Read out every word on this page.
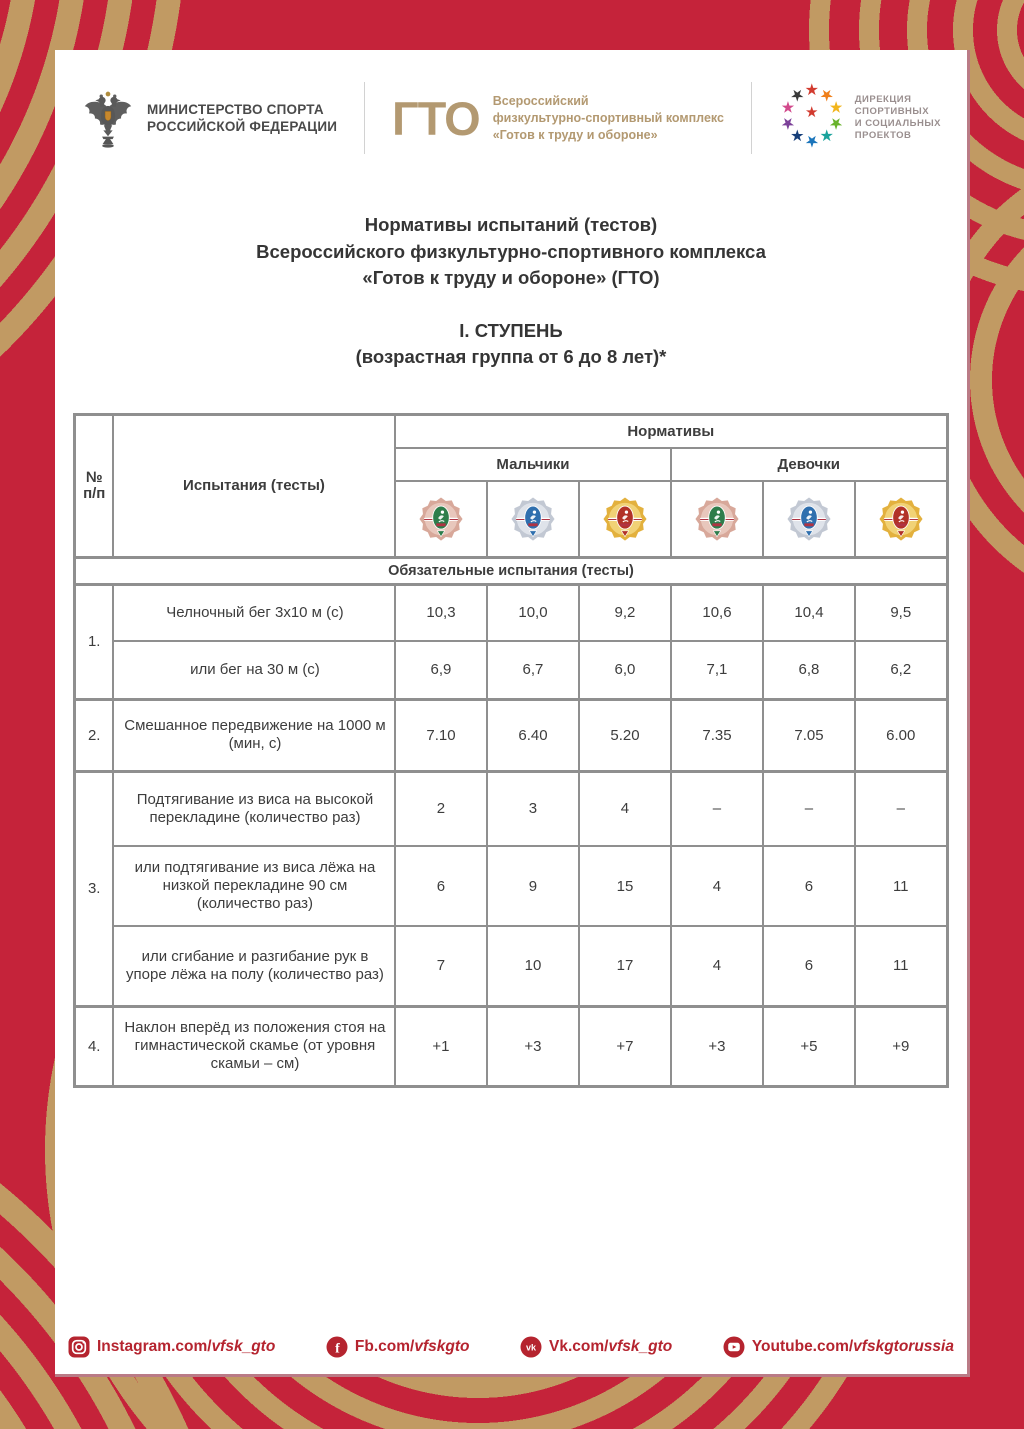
МИНИСТЕРСТВО СПОРТА
РОССИЙСКОЙ ФЕДЕРАЦИИ ГТО Всероссийский
физкультурно-спортивный комплекс
«Готов к труду и обороне»
★
★
★
★
★
★
★
★
★
★
★
ДИРЕКЦИЯ
СПОРТИВНЫХ
И СОЦИАЛЬНЫХ
ПРОЕКТОВ
Нормативы испытаний (тестов)
Всероссийского физкультурно-спортивного комплекса
«Готов к труду и обороне» (ГТО)
I. СТУПЕНЬ
(возрастная группа от 6 до 8 лет)*
№
п/п	Испытания (тесты)	Нормативы					
		Мальчики			Девочки		

Обязательные испытания (тесты)							
1.	Челночный бег 3х10 м (с)	10,3	10,0	9,2	10,6	10,4	9,5
	или бег на 30 м (с)	6,9	6,7	6,0	7,1	6,8	6,2
2.	Смешанное передвижение на 1000 м (мин, с)	7.10	6.40	5.20	7.35	7.05	6.00
3.	Подтягивание из виса на высокой перекладине (количество раз)	2	3	4	–	–	–
	или подтягивание из виса лёжа на низкой перекладине 90 см (количество раз)	6	9	15	4	6	11
	или сгибание и разгибание рук в упоре лёжа на полу (количество раз)	7	10	17	4	6	11
4.	Наклон вперёд из положения стоя на гимнастической скамье (от уровня скамьи – см)	+1	+3	+7	+3	+5	+9
Instagram.com/ vfsk_gto	f Fb.com/ vfskgto	vk Vk.com/ vfsk_gto	Youtube.com/ vfskgtorussia
